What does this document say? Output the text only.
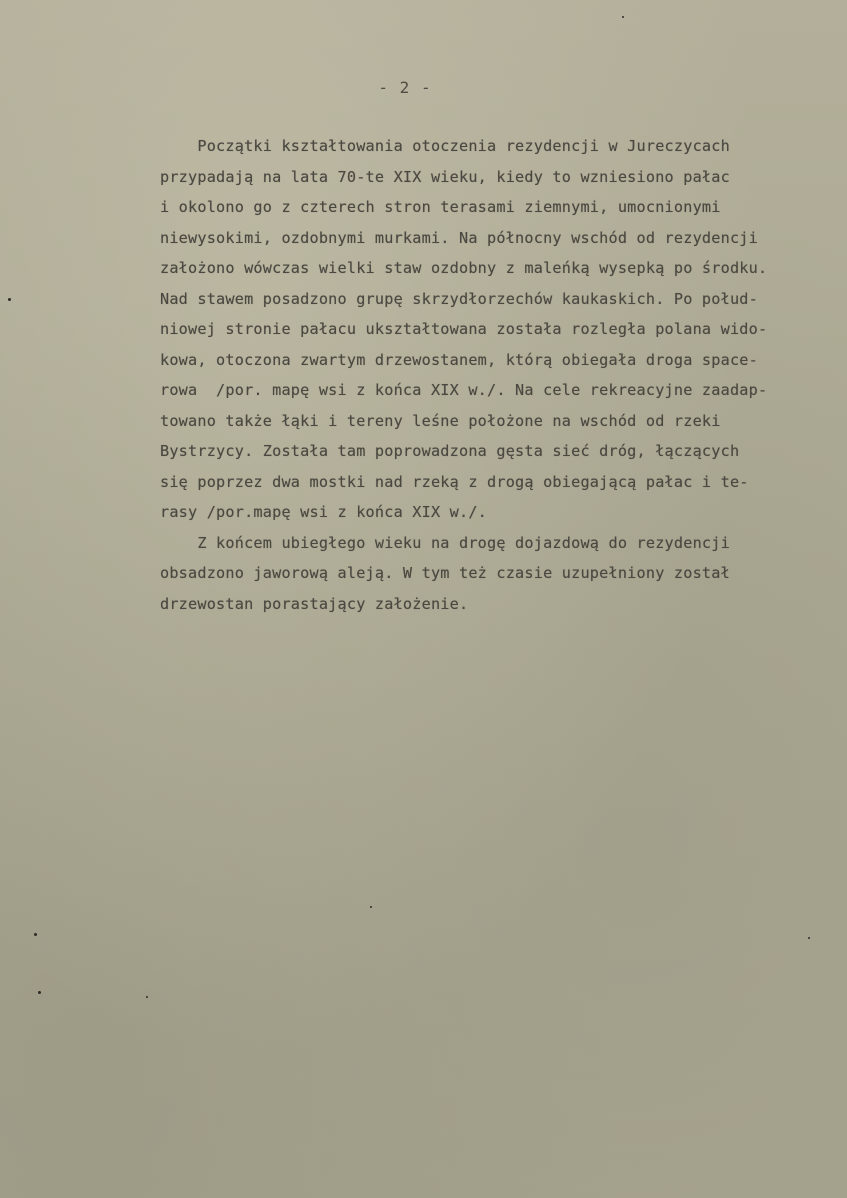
- 2 -
Początki kształtowania otoczenia rezydencji w Jureczycach
przypadają na lata 70-te XIX wieku, kiedy to wzniesiono pałac
i okolono go z czterech stron terasami ziemnymi, umocnionymi
niewysokimi, ozdobnymi murkami. Na północny wschód od rezydencji
założono wówczas wielki staw ozdobny z maleńką wysepką po środku.
Nad stawem posadzono grupę skrzydłorzechów kaukaskich. Po połud-
niowej stronie pałacu ukształtowana została rozległa polana wido-
kowa, otoczona zwartym drzewostanem, którą obiegała droga space-
rowa  /por. mapę wsi z końca XIX w./. Na cele rekreacyjne zaadap-
towano także łąki i tereny leśne położone na wschód od rzeki
Bystrzycy. Została tam poprowadzona gęsta sieć dróg, łączących
się poprzez dwa mostki nad rzeką z drogą obiegającą pałac i te-
rasy /por.mapę wsi z końca XIX w./.
Z końcem ubiegłego wieku na drogę dojazdową do rezydencji
obsadzono jaworową aleją. W tym też czasie uzupełniony został
drzewostan porastający założenie.
